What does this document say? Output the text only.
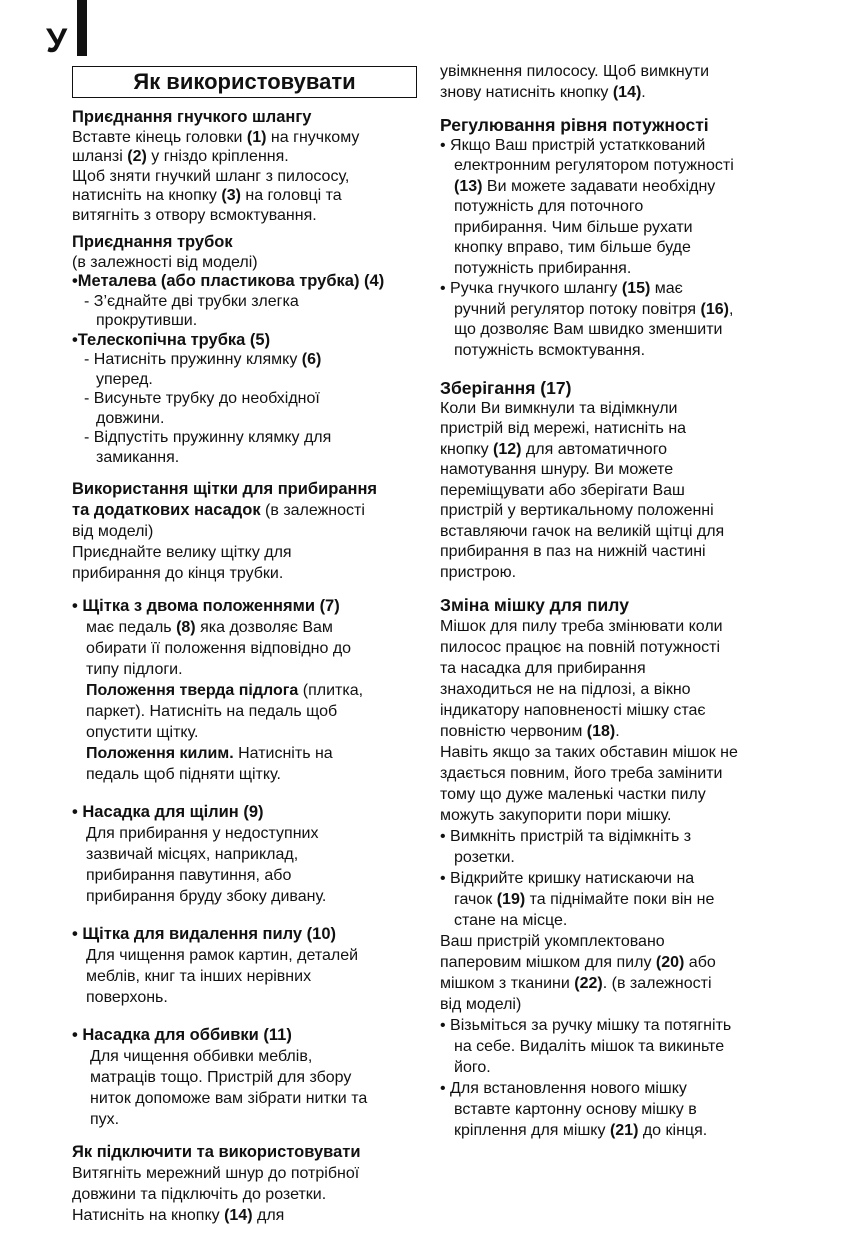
У
Як використовувати

Приєднання гнучкого шлангу

Вставте кінець головки (1) на гнучкому

шланзі (2) у гніздо кріплення.

Щоб зняти гнучкий шланг з пилососу,

натисніть на кнопку (3) на головці та

витягніть з отвору всмоктування.

Приєднання трубок

(в залежності від моделі)

•Металева (або пластикова трубка) (4)

- З’єднайте дві трубки злегка

прокрутивши.

•Телескопічна трубка (5)

- Натисніть пружинну клямку (6)

уперед.

- Висуньте трубку до необхідної

довжини.

- Відпустіть пружинну клямку для

замикання.

Використання щітки для прибирання

та додаткових насадок (в залежності

від моделі)

Приєднайте велику щітку для

прибирання до кінця трубки.

• Щітка з двома положеннями (7)

має педаль (8) яка дозволяє Вам

обирати її положення відповідно до

типу підлоги.

Положення тверда підлога (плитка,

паркет). Натисніть на педаль щоб

опустити щітку.

Положення килим. Натисніть на

педаль щоб підняти щітку.

• Насадка для щілин (9)

Для прибирання у недоступних

зазвичай місцях, наприклад,

прибирання павутиння, або

прибирання бруду збоку дивану.

• Щітка для видалення пилу (10)

Для чищення рамок картин, деталей

меблів, книг та інших нерівних

поверхонь.

• Насадка для оббивки (11)

Для чищення оббивки меблів,

матраців тощо. Пристрій для збору

ниток допоможе вам зібрати нитки та

пух.

Як підключити та використовувати

Витягніть мережний шнур до потрібної

довжини та підключіть до розетки.

Натисніть на кнопку (14) для

увімкнення пилососу. Щоб вимкнути

знову натисніть кнопку (14).

Регулювання рівня потужності

• Якщо Ваш пристрій устатккований

електронним регулятором потужності

(13) Ви можете задавати необхідну

потужність для поточного

прибирання. Чим більше рухати

кнопку вправо, тим більше буде

потужність прибирання.

• Ручка гнучкого шлангу (15) має

ручний регулятор потоку повітря (16),

що дозволяє Вам швидко зменшити

потужність всмоктування.

Зберігання (17)

Коли Ви вимкнули та відімкнули

пристрій від мережі, натисніть на

кнопку (12) для автоматичного

намотування шнуру. Ви можете

переміщувати або зберігати Ваш

пристрій у вертикальному положенні

вставляючи гачок на великій щітці для

прибирання в паз на нижній частині

пристрою.

Зміна мішку для пилу

Мішок для пилу треба змінювати коли

пилосос працює на повній потужності

та насадка для прибирання

знаходиться не на підлозі, а вікно

індикатору наповненості мішку стає

повністю червоним (18).

Навіть якщо за таких обставин мішок не

здається повним, його треба замінити

тому що дуже маленькі частки пилу

можуть закупорити пори мішку.

• Вимкніть пристрій та відімкніть з

розетки.

• Відкрийте кришку натискаючи на

гачок (19) та піднімайте поки він не

стане на місце.

Ваш пристрій укомплектовано

паперовим мішком для пилу (20) або

мішком з тканини (22). (в залежності

від моделі)

• Візьміться за ручку мішку та потягніть

на себе. Видаліть мішок та викиньте

його.

• Для встановлення нового мішку

вставте картонну основу мішку в

кріплення для мішку (21) до кінця.
